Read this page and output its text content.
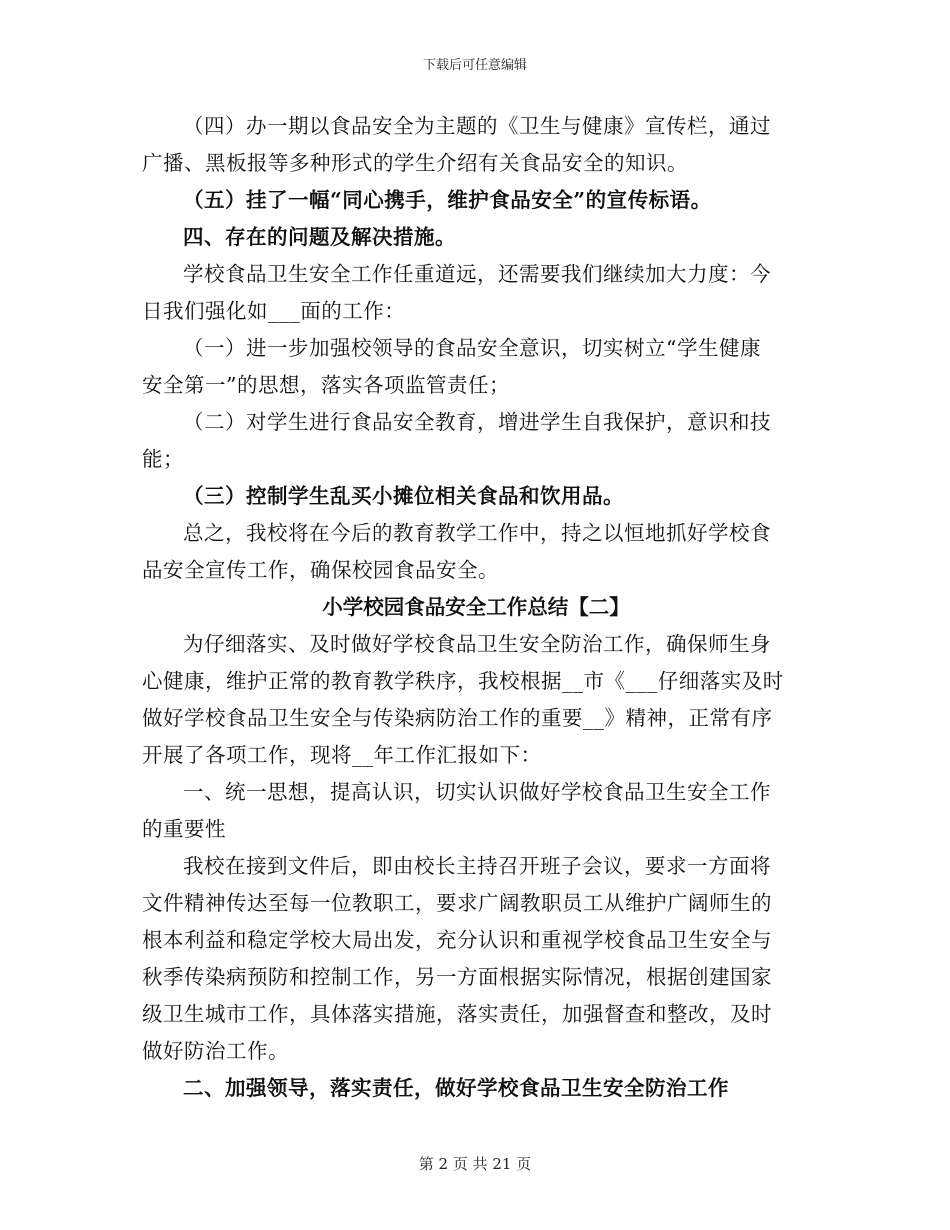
下载后可任意编辑
（四）办一期以食品安全为主题的《卫生与健康》宣传栏，通过
广播、黑板报等多种形式的学生介绍有关食品安全的知识。
（五）挂了一幅“同心携手，维护食品安全”的宣传标语。
四、存在的问题及解决措施。
学校食品卫生安全工作任重道远，还需要我们继续加大力度：今
日我们强化如___面的工作：
（一）进一步加强校领导的食品安全意识，切实树立“学生健康
安全第一”的思想，落实各项监管责任；
（二）对学生进行食品安全教育，增进学生自我保护，意识和技
能；
（三）控制学生乱买小摊位相关食品和饮用品。
总之，我校将在今后的教育教学工作中，持之以恒地抓好学校食
品安全宣传工作，确保校园食品安全。
小学校园食品安全工作总结【二】
为仔细落实、及时做好学校食品卫生安全防治工作，确保师生身
心健康，维护正常的教育教学秩序，我校根据__市《___仔细落实及时
做好学校食品卫生安全与传染病防治工作的重要__》精神，正常有序
开展了各项工作，现将__年工作汇报如下：
一、统一思想，提高认识，切实认识做好学校食品卫生安全工作
的重要性
我校在接到文件后，即由校长主持召开班子会议，要求一方面将
文件精神传达至每一位教职工，要求广阔教职员工从维护广阔师生的
根本利益和稳定学校大局出发，充分认识和重视学校食品卫生安全与
秋季传染病预防和控制工作，另一方面根据实际情况，根据创建国家
级卫生城市工作，具体落实措施，落实责任，加强督查和整改，及时
做好防治工作。
二、加强领导，落实责任，做好学校食品卫生安全防治工作
第 2 页 共 21 页
